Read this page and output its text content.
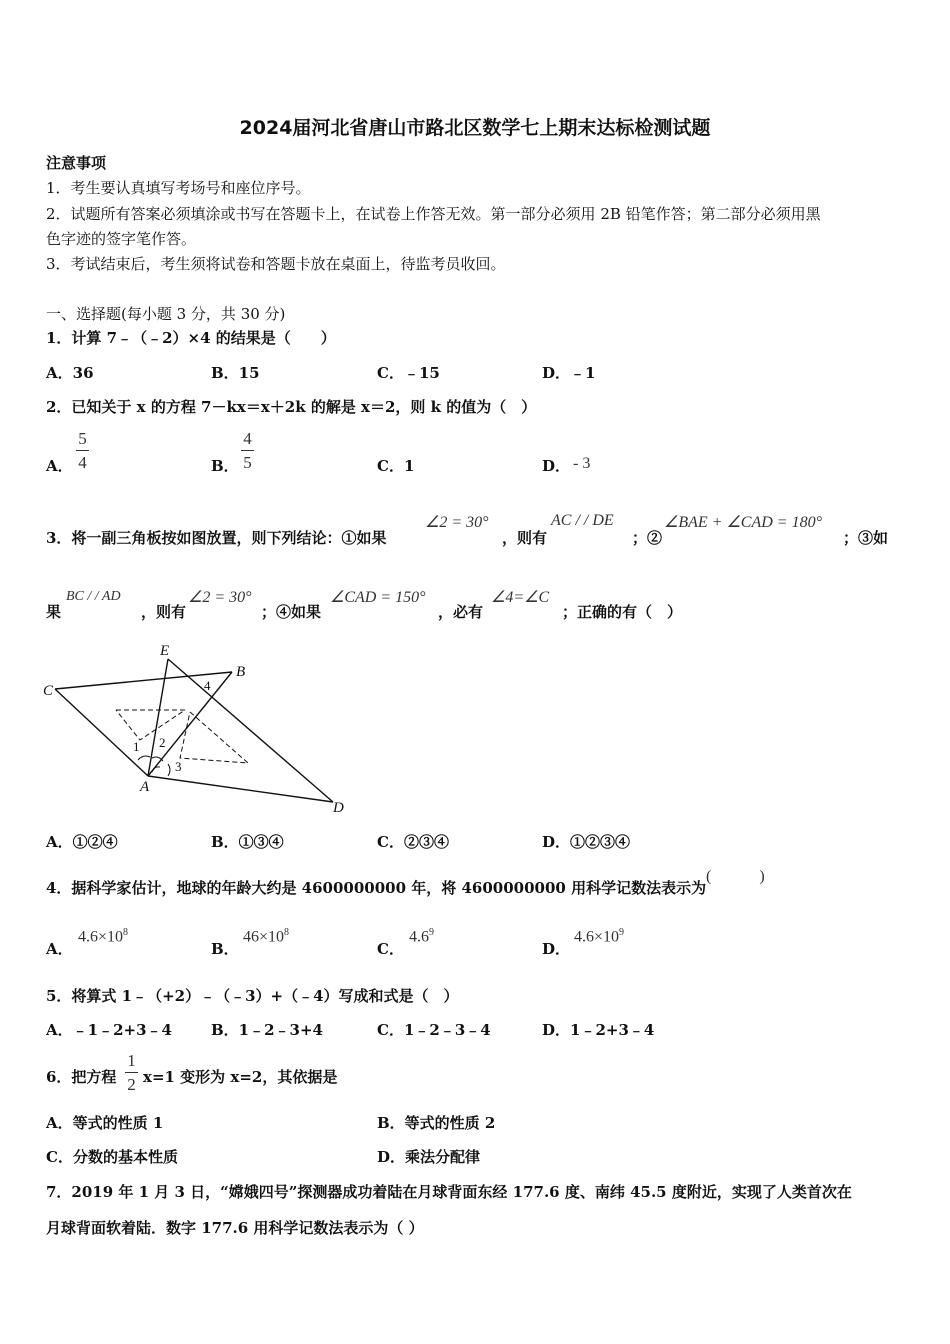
2024届河北省唐山市路北区数学七上期末达标检测试题
注意事项
1．考生要认真填写考场号和座位序号。
2．试题所有答案必须填涂或书写在答题卡上，在试卷上作答无效。第一部分必须用 2B 铅笔作答；第二部分必须用黑
色字迹的签字笔作答。
3．考试结束后，考生须将试卷和答题卡放在桌面上，待监考员收回。
一、选择题(每小题 3 分，共 30 分)
1．计算 7﹣（﹣2）×4 的结果是（　　）
A．36	B．15	C．﹣15	D．﹣1
2．已知关于 x 的方程 7－kx＝x＋2k 的解是 x＝2，则 k 的值为（　）
A．
5
4	B．
4
5	C．1	D． - 3
3．将一副三角板按如图放置，则下列结论：①如果
∠2 = 30°
，则有
AC / / DE
；②
∠BAE + ∠CAD = 180°
；③如
果
BC / / AD
，则有
∠2 = 30°
；④如果
∠CAD = 150°
，必有
∠4=∠C
；正确的有（　）
E
B
C
A
D
1 2
3
4
A．①②④	B．①③④	C．②③④	D．①②③④
4．据科学家估计，地球的年龄大约是 4600000000 年，将 4600000000 用科学记数法表示为
(　　　)
A．
$4.6\times 10^8$
B．
$46\times 10^8$
C．
$4.6^9$
D．
$4.6\times 10^9$
5．将算式 1﹣（+2）﹣（﹣3）+（﹣4）写成和式是（　）
A．﹣1﹣2+3﹣4	B．1﹣2﹣3+4	C．1﹣2﹣3﹣4	D．1﹣2+3﹣4
6．把方程
1
2 x=1 变形为 x=2，其依据是
A．等式的性质 1	B．等式的性质 2
C．分数的基本性质	D．乘法分配律
7．2019 年 1 月 3 日，“嫦娥四号”探测器成功着陆在月球背面东经 177.6 度、南纬 45.5 度附近，实现了人类首次在
月球背面软着陆．数字 177.6 用科学记数法表示为（ ）
